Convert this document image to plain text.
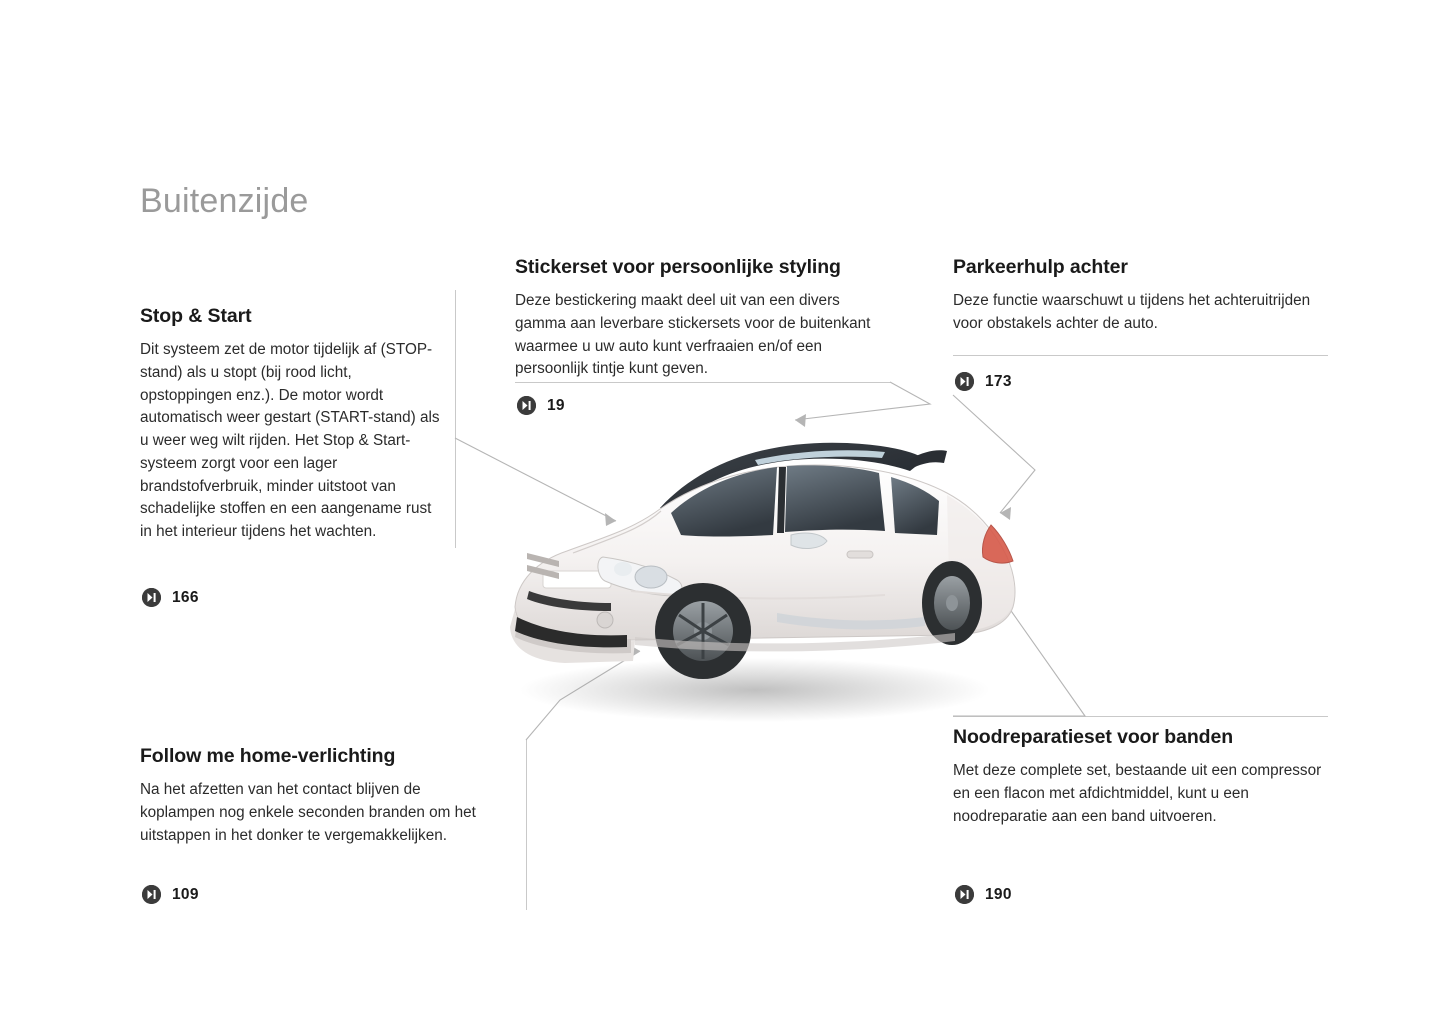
Buitenzijde
Stop & Start

Dit systeem zet de motor tijdelijk af (STOP-stand) als u stopt (bij rood licht, opstoppingen enz.). De motor wordt automatisch weer gestart (START-stand) als u weer weg wilt rijden. Het Stop & Start-systeem zorgt voor een lager brandstofverbruik, minder uitstoot van schadelijke stoffen en een aangename rust in het interieur tijdens het wachten.

166
Stickerset voor persoonlijke styling

Deze bestickering maakt deel uit van een divers gamma aan leverbare stickersets voor de buitenkant waarmee u uw auto kunt verfraaien en/of een persoonlijk tintje kunt geven.

19
Parkeerhulp achter

Deze functie waarschuwt u tijdens het achteruitrijden voor obstakels achter de auto.

173
Follow me home-verlichting

Na het afzetten van het contact blijven de koplampen nog enkele seconden branden om het uitstappen in het donker te vergemakkelijken.

109
Noodreparatieset voor banden

Met deze complete set, bestaande uit een compressor en een flacon met afdichtmiddel, kunt u een noodreparatie aan een band uitvoeren.

190
